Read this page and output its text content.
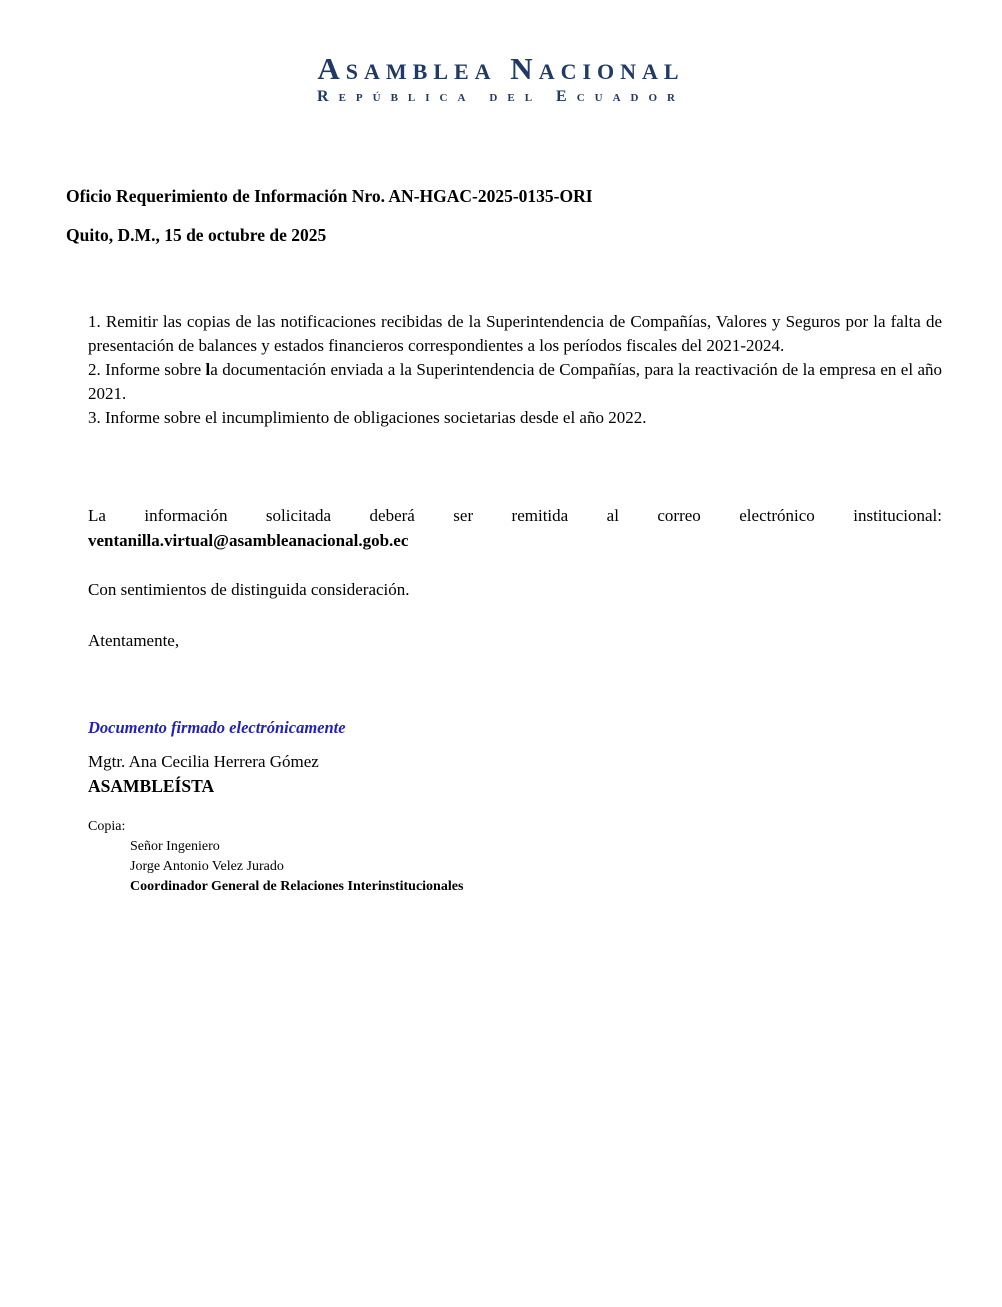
Asamblea Nacional
República del Ecuador
Oficio Requerimiento de Información Nro. AN-HGAC-2025-0135-ORI
Quito, D.M., 15 de octubre de 2025

1. Remitir las copias de las notificaciones recibidas de la Superintendencia de Compañías, Valores y Seguros por la falta de presentación de balances y estados financieros correspondientes a los períodos fiscales del 2021-2024.

2. Informe sobre la documentación enviada a la Superintendencia de Compañías, para la reactivación de la empresa en el año 2021.

3. Informe sobre el incumplimiento de obligaciones societarias desde el año 2022.

La información solicitada deberá ser remitida al correo electrónico institucional: ventanilla.virtual@asambleanacional.gob.ec

Con sentimientos de distinguida consideración.
Atentamente,
Documento firmado electrónicamente
Mgtr. Ana Cecilia Herrera Gómez
ASAMBLEÍSTA
Copia:
Señor Ingeniero
Jorge Antonio Velez Jurado
Coordinador General de Relaciones Interinstitucionales
